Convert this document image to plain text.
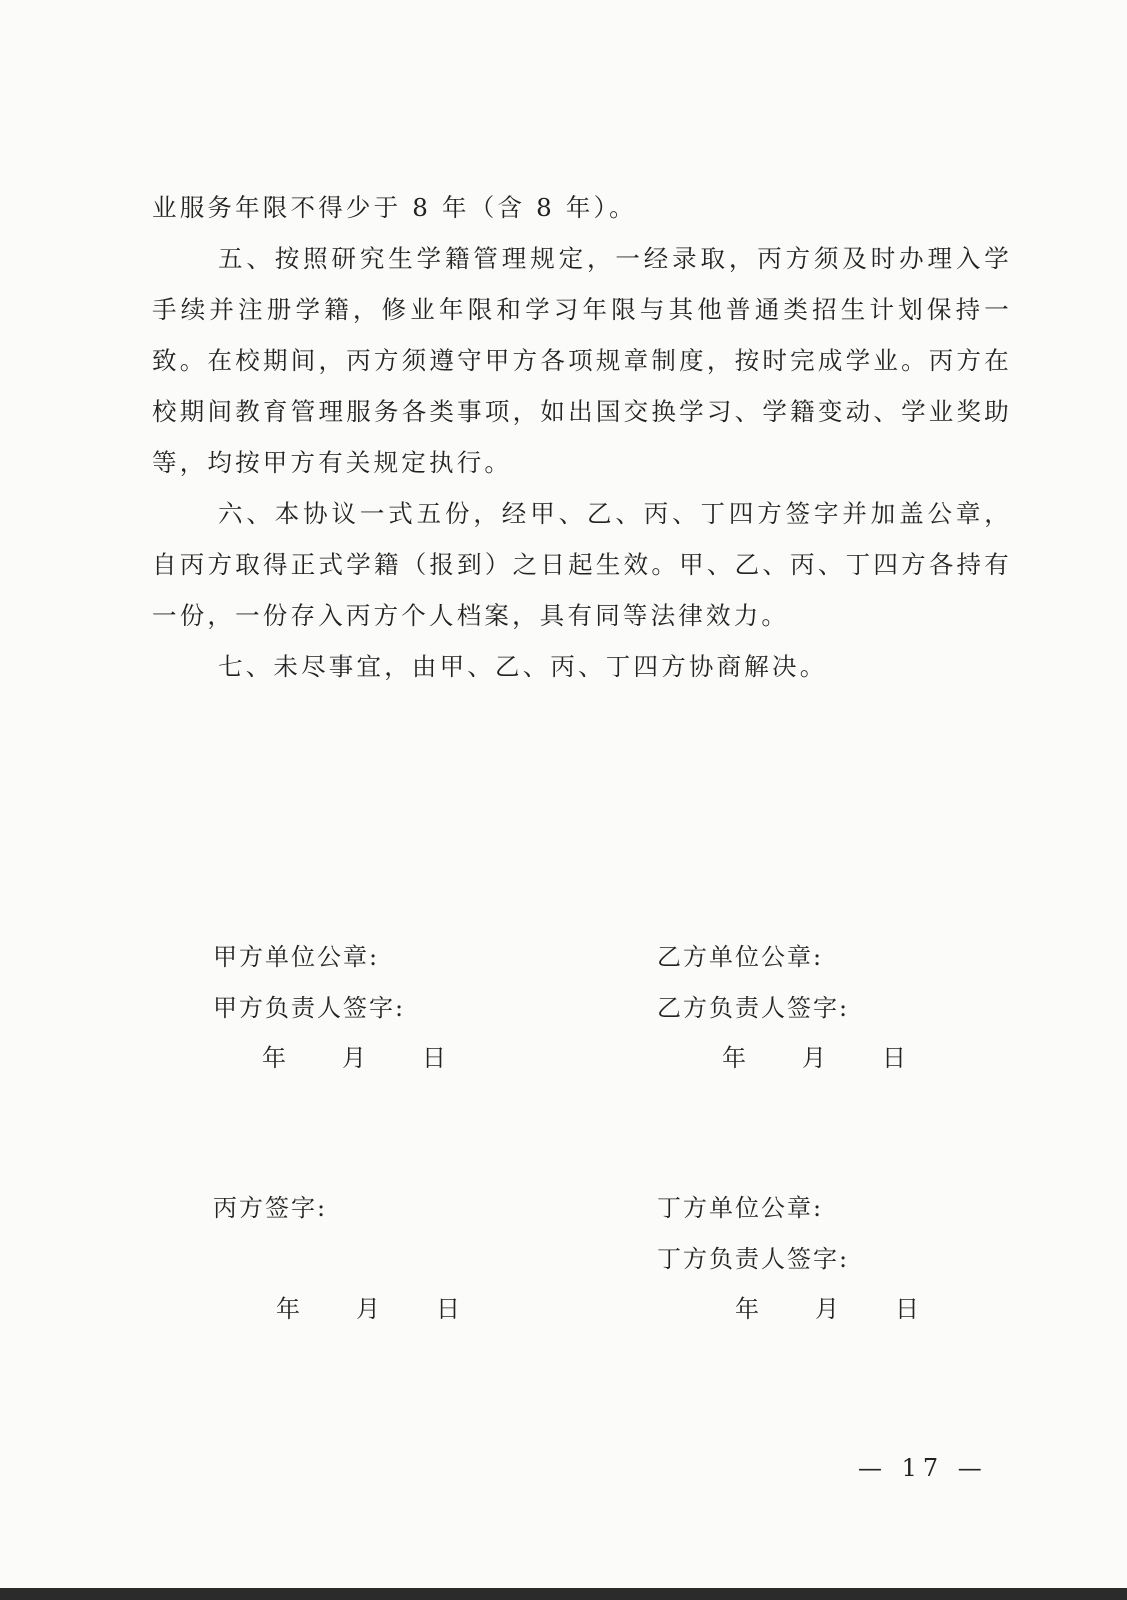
业服务年限不得少于 8 年（含 8 年）。

五、按照研究生学籍管理规定，一经录取，丙方须及时办理入学手续并注册学籍，修业年限和学习年限与其他普通类招生计划保持一致。在校期间，丙方须遵守甲方各项规章制度，按时完成学业。丙方在校期间教育管理服务各类事项，如出国交换学习、学籍变动、学业奖助等，均按甲方有关规定执行。

六、本协议一式五份，经甲、乙、丙、丁四方签字并加盖公章，自丙方取得正式学籍（报到）之日起生效。甲、乙、丙、丁四方各持有一份，一份存入丙方个人档案，具有同等法律效力。

七、未尽事宜，由甲、乙、丙、丁四方协商解决。

甲方单位公章:
甲方负责人签字:
年 月 日
乙方单位公章:
乙方负责人签字:
年 月 日
丙方签字:
年 月 日
丁方单位公章:
丁方负责人签字:
年 月 日
— 17 —
